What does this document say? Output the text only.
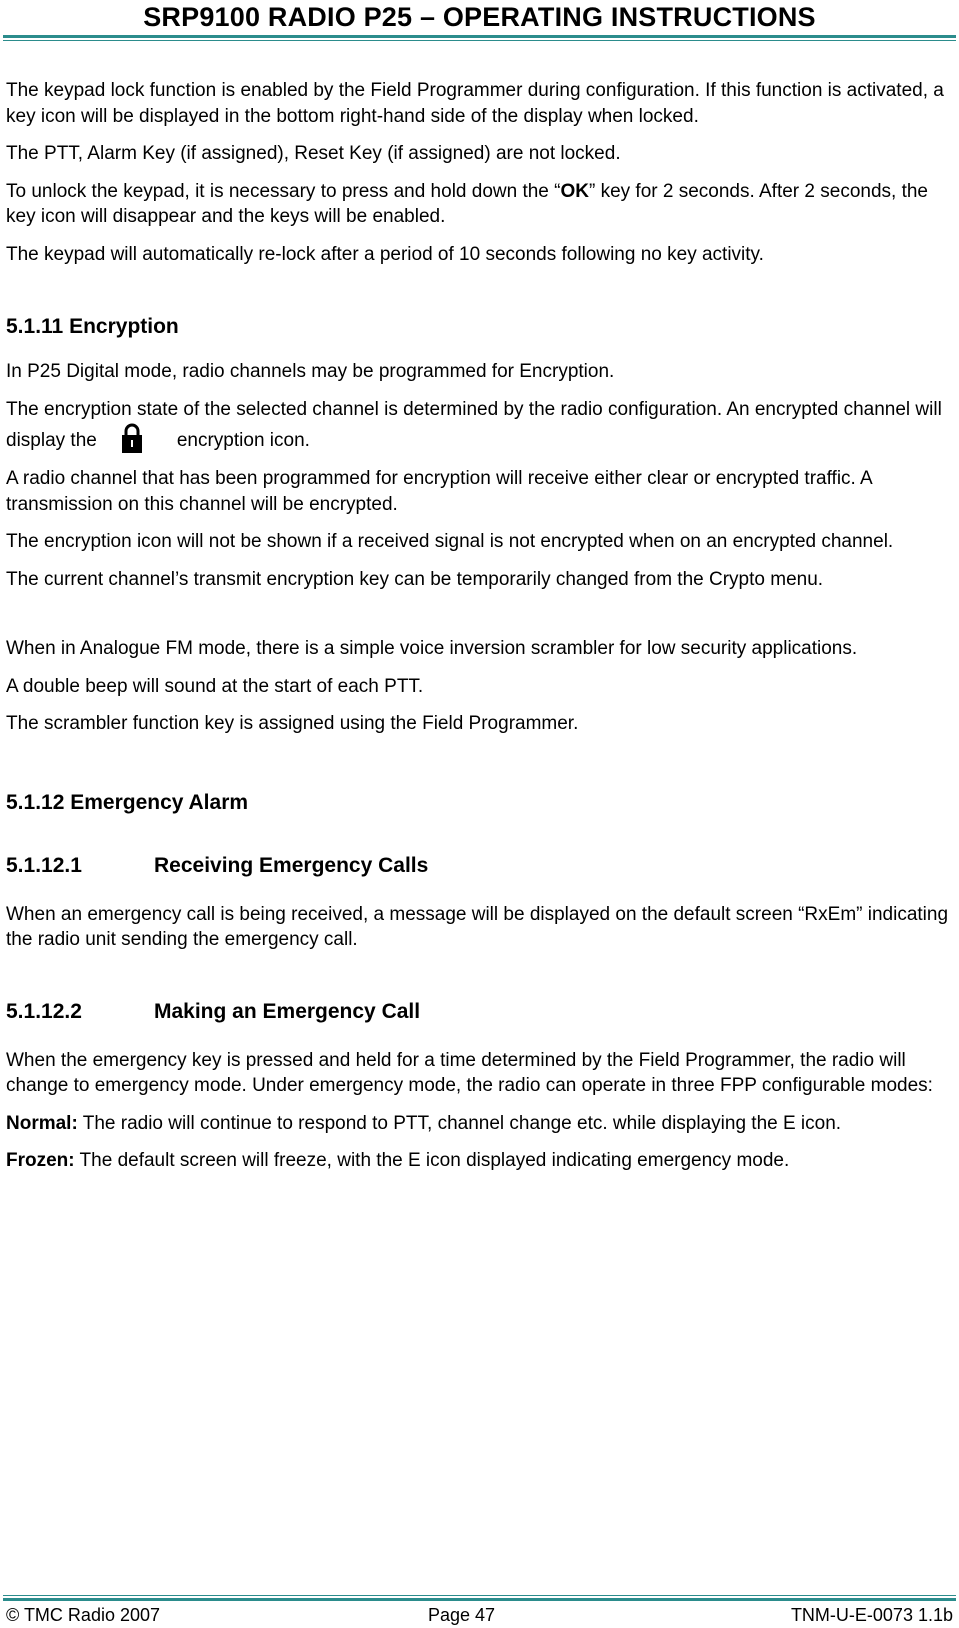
SRP9100 RADIO P25 – OPERATING INSTRUCTIONS

The keypad lock function is enabled by the Field Programmer during configuration. If this function is activated, a key icon will be displayed in the bottom right-hand side of the display when locked.

The PTT, Alarm Key (if assigned), Reset Key (if assigned) are not locked.

To unlock the keypad, it is necessary to press and hold down the “OK” key for 2 seconds. After 2 seconds, the key icon will disappear and the keys will be enabled.

The keypad will automatically re-lock after a period of 10 seconds following no key activity.

5.1.11 Encryption

In P25 Digital mode, radio channels may be programmed for Encryption.

The encryption state of the selected channel is determined by the radio configuration. An encrypted channel will display the	encryption icon.

A radio channel that has been programmed for encryption will receive either clear or encrypted traffic. A transmission on this channel will be encrypted.

The encryption icon will not be shown if a received signal is not encrypted when on an encrypted channel.

The current channel’s transmit encryption key can be temporarily changed from the Crypto menu.

When in Analogue FM mode, there is a simple voice inversion scrambler for low security applications.

A double beep will sound at the start of each PTT.

The scrambler function key is assigned using the Field Programmer.

5.1.12 Emergency Alarm
5.1.12.1	Receiving Emergency Calls

When an emergency call is being received, a message will be displayed on the default screen “RxEm” indicating the radio unit sending the emergency call.

5.1.12.2	Making an Emergency Call

When the emergency key is pressed and held for a time determined by the Field Programmer, the radio will change to emergency mode. Under emergency mode, the radio can operate in three FPP configurable modes:

Normal: The radio will continue to respond to PTT, channel change etc. while displaying the E icon.

Frozen: The default screen will freeze, with the E icon displayed indicating emergency mode.

© TMC Radio 2007	Page 47	TNM-U-E-0073 1.1b
